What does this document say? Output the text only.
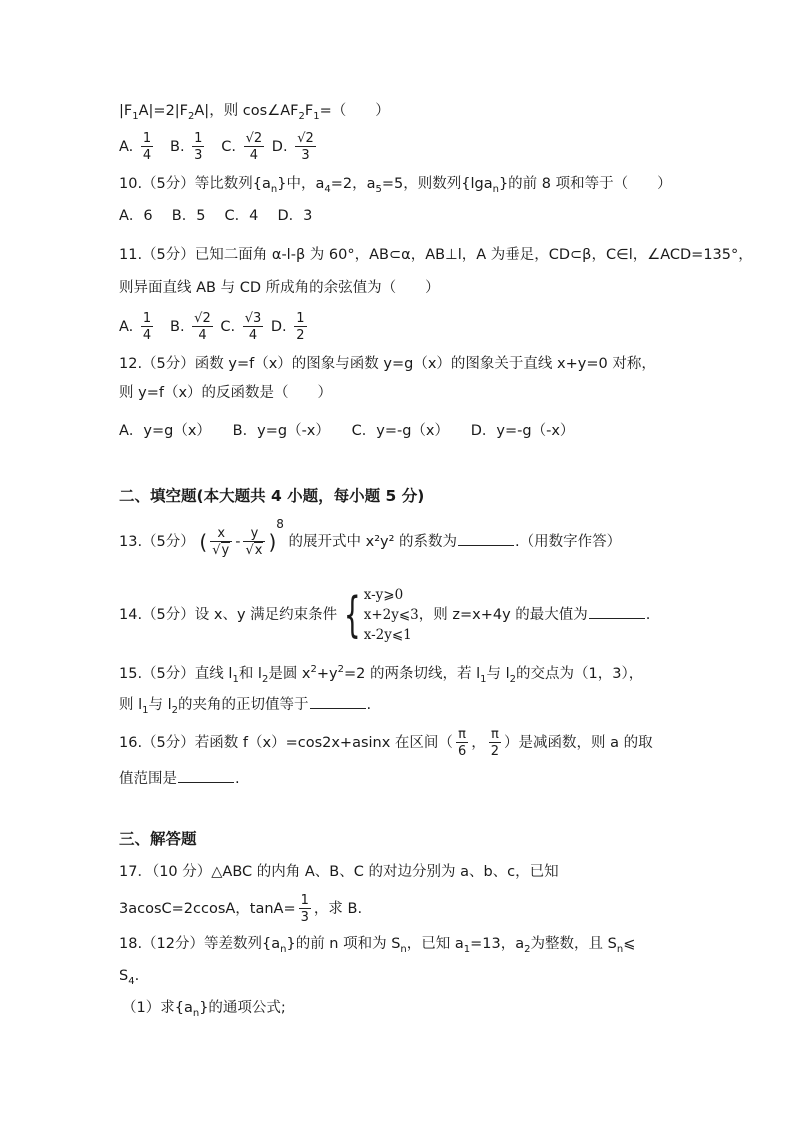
$|F_1A|=2|F_2A|$，则 $\cos\angle AF_2F_1=$（　　）
A. $\frac{1}{4} B$. $\frac{1}{3} C$. $\frac{√2}{4} D$. $\frac{√2}{3}$
10.（5分）等比数列$\{a_n\}$中，$a_4=2$，$a_5=5$，则数列{lga$_n$}的前 8 项和等于（　　）
A．6　 B．5　 C．4　 D．3
11.（5分）已知二面角 α-l-β 为 60°，AB⊂α，AB⊥l，A 为垂足，CD⊂β，C∈l，∠ACD=135°，
则异面直线 AB 与 CD 所成角的余弦值为（　　）
A. $\frac{1}{4} B$. $\frac{√2}{4} C$. $\frac{√3}{4} D$. $\frac{1}{2}$
12.（5分）函数 y=f（x）的图象与函数 y=g（x）的图象关于直线 x+y=0 对称，
则 y=f（x）的反函数是（　　）
A．y=g（x）　　B．y=g（-x）　　C．y=-g（x）　　D．y=-g（-x）
二、填空题(本大题共 4 小题，每小题 5 分)
13.（5分） ( $\frac{x}{√y} - \frac{y}{√x} )^8$ 的展开式中 x²y² 的系数为	.（用数字作答）
14.（5分）设 x、y 满足约束条件 { x-y⩾0
x+2y⩽3
x-2y⩽1
，则 z=x+4y 的最大值为	.
15.（5分）直线 $l_1$和 $l_2$是圆 $x^2+y^2=2$ 的两条切线，若 $l_1$与 $l_2$的交点为（1，3），
则 $l_1$与 $l_2$的夹角的正切值等于	.
16.（5分）若函数 f（x）=cos2x+asinx 在区间（ $\frac{\pi}{6}$ ， $\frac{\pi}{2}$ ）是减函数，则 a 的取
值范围是	.
三、解答题
17．（10 分）△ABC 的内角 A、B、C 的对边分别为 a、b、c，已知
3acosC=2ccosA，$\tan A= \frac{1}{3}$ ，求 B.
18.（12分）等差数列$\{a_n\}$的前 n 项和为 $S_n$，已知 $a_1=13$，$a_2$为整数，且 $S_n⩽$
$S_4$.
（1）求$\{a_n\}$的通项公式;
